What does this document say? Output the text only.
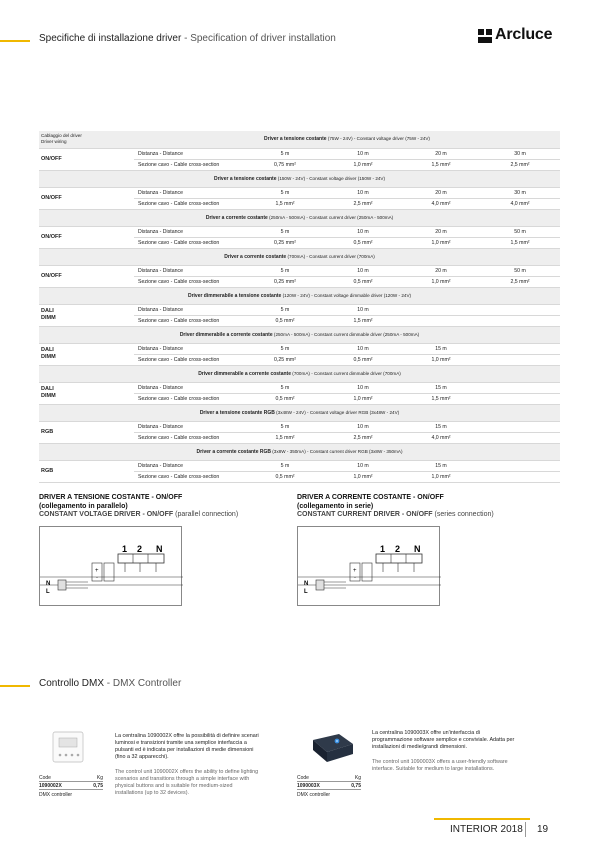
Specifiche di installazione driver - Specification of driver installation	Arcluce
Cablaggio del driver
Driver wiring	Driver a tensione costante (75W - 24V) - Constant voltage driver (75W - 24V)				
ON/OFF	Distanza - Distance	5 m	10 m	20 m	30 m
	Sezione cavo - Cable cross-section	0,75 mm²	1,0 mm²	1,5 mm²	2,5 mm²
Driver a tensione costante (150W - 24V) - Constant voltage driver (150W - 24V)					
ON/OFF	Distanza - Distance	5 m	10 m	20 m	30 m
	Sezione cavo - Cable cross-section	1,5 mm²	2,5 mm²	4,0 mm²	4,0 mm²
Driver a corrente costante (250mA - 500mA) - Constant current driver (250mA - 500mA)					
ON/OFF	Distanza - Distance	5 m	10 m	20 m	50 m
	Sezione cavo - Cable cross-section	0,25 mm²	0,5 mm²	1,0 mm²	1,5 mm²
Driver a corrente costante (700mA) - Constant current driver (700mA)					
ON/OFF	Distanza - Distance	5 m	10 m	20 m	50 m
	Sezione cavo - Cable cross-section	0,25 mm²	0,5 mm²	1,0 mm²	2,5 mm²
Driver dimmerabile a tensione costante (120W - 24V) - Constant voltage dimmable driver (120W - 24V)					
DALI
DIMM	Distanza - Distance	5 m	10 m		
	Sezione cavo - Cable cross-section	0,5 mm²	1,5 mm²		
Driver dimmerabile a corrente costante (250mA - 500mA) - Constant current dimmable driver (250mA - 500mA)					
DALI
DIMM	Distanza - Distance	5 m	10 m	15 m	
	Sezione cavo - Cable cross-section	0,25 mm²	0,5 mm²	1,0 mm²	
Driver dimmerabile a corrente costante (700mA) - Constant current dimmable driver (700mA)					
DALI
DIMM	Distanza - Distance	5 m	10 m	15 m	
	Sezione cavo - Cable cross-section	0,5 mm²	1,0 mm²	1,5 mm²	
Driver a tensione costante RGB (3x48W - 24V) - Constant voltage driver RGB (3x48W - 24V)					
RGB	Distanza - Distance	5 m	10 m	15 m	
	Sezione cavo - Cable cross-section	1,5 mm²	2,5 mm²	4,0 mm²	
Driver a corrente costante RGB (3x8W - 350mA) - Constant current driver RGB (3x8W - 350mA)					
RGB	Distanza - Distance	5 m	10 m	15 m	
	Sezione cavo - Cable cross-section	0,5 mm²	1,0 mm²	1,0 mm²	
DRIVER A TENSIONE COSTANTE - ON/OFF
(collegamento in parallelo)
CONSTANT VOLTAGE DRIVER - ON/OFF (parallel connection)
DRIVER A CORRENTE COSTANTE - ON/OFF
(collegamento in serie)
CONSTANT CURRENT DRIVER - ON/OFF (series connection)
1 2 N
+
-
N
L
1 2 N
+
-
N
L
Controllo DMX - DMX Controller
Code	Kg
1090002X	0,75
DMX controller

La centralina 1090002X offre la possibilità di definire scenari luminosi e transizioni tramite una semplice interfaccia a pulsanti ed è indicata per installazioni di medie dimensioni (fino a 32 apparecchi).

The control unit 1090002X offers the ability to define lighting scenarios and transitions through a simple interface with physical buttons and is suitable for medium-sized installations (up to 32 devices).

Code	Kg
1090003X	0,75
DMX controller

La centralina 1090003X offre un'interfaccia di programmazione software semplice e conviviale. Adatta per installazioni di medie/grandi dimensioni.

The control unit 1090003X offers a user-friendly software interface. Suitable for medium to large installations.

INTERIOR 2018 19
